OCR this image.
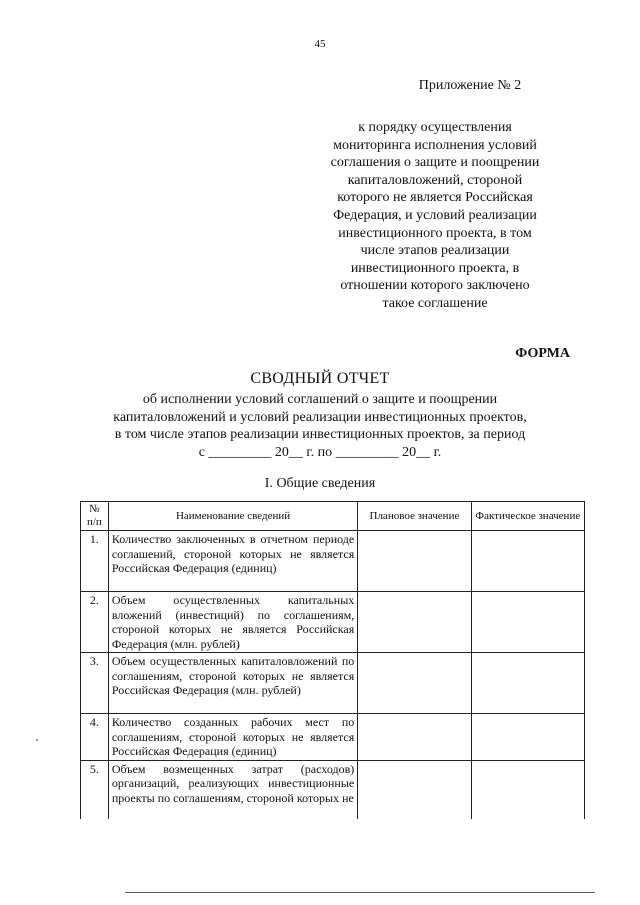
45
Приложение № 2
к порядку осуществления
мониторинга исполнения условий
соглашения о защите и поощрении
капиталовложений, стороной
которого не является Российская
Федерация, и условий реализации
инвестиционного проекта, в том
числе этапов реализации
инвестиционного проекта, в
отношении которого заключено
такое соглашение
ФОРМА
СВОДНЫЙ ОТЧЕТ
об исполнении условий соглашений о защите и поощрении
капиталовложений и условий реализации инвестиционных проектов,
в том числе этапов реализации инвестиционных проектов, за период
с _________ 20__ г. по _________ 20__ г.
I. Общие сведения
№ п/п	Наименование сведений	Плановое значение	Фактическое значение
1.	Количество заключенных в отчетном периоде соглашений, стороной которых не является Российская Федерация (единиц)		
2.	Объем осуществленных капитальных вложений (инвестиций) по соглашениям, стороной которых не является Российская Федерация (млн. рублей)		
3.	Объем осуществленных капиталовложений по соглашениям, стороной которых не является Российская Федерация (млн. рублей)		
4.	Количество созданных рабочих мест по соглашениям, стороной которых не является Российская Федерация (единиц)		
5.	Объем возмещенных затрат (расходов) организаций, реализующих инвестиционные проекты по соглашениям, стороной которых не		
